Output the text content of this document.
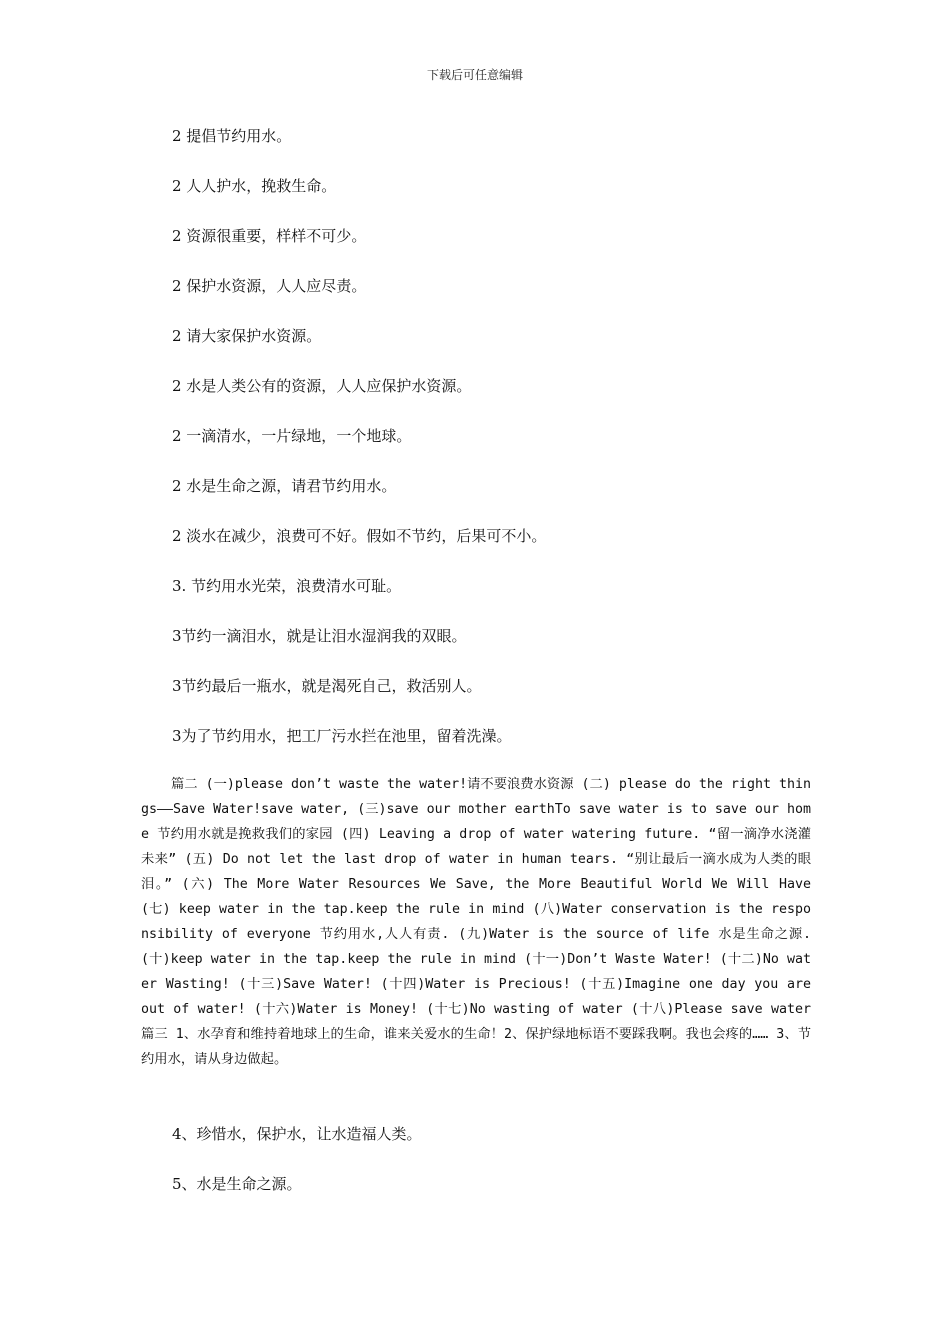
下载后可任意编辑
2 提倡节约用水。
2 人人护水，挽救生命。
2 资源很重要，样样不可少。
2 保护水资源，人人应尽责。
2 请大家保护水资源。
2 水是人类公有的资源，人人应保护水资源。
2 一滴清水，一片绿地，一个地球。
2 水是生命之源，请君节约用水。
2 淡水在减少，浪费可不好。假如不节约，后果可不小。
3. 节约用水光荣，浪费清水可耻。
3节约一滴泪水，就是让泪水湿润我的双眼。
3节约最后一瓶水，就是渴死自己，救活别人。
3为了节约用水，把工厂污水拦在池里，留着洗澡。

篇二 (一)please don’t waste the water!请不要浪费水资源 (二) please do the right things——Save Water!save water, (三)save our mother earthTo save water is to save our home 节约用水就是挽救我们的家园 (四) Leaving a drop of water watering future. “留一滴净水浇灌未来” (五) Do not let the last drop of water in human tears. “别让最后一滴水成为人类的眼泪。” (六) The More Water Resources We Save, the More Beautiful World We Will Have (七) keep water in the tap.keep the rule in mind (八)Water conservation is the responsibility of everyone 节约用水,人人有责. (九)Water is the source of life 水是生命之源. (十)keep water in the tap.keep the rule in mind (十一)Don’t Waste Water! (十二)No water Wasting! (十三)Save Water! (十四)Water is Precious! (十五)Imagine one day you are out of water! (十六)Water is Money! (十七)No wasting of water (十八)Please save water 篇三 1、水孕育和维持着地球上的生命，谁来关爱水的生命！2、保护绿地标语不要踩我啊。我也会疼的…… 3、节约用水，请从身边做起。

4、珍惜水，保护水，让水造福人类。
5、水是生命之源。
